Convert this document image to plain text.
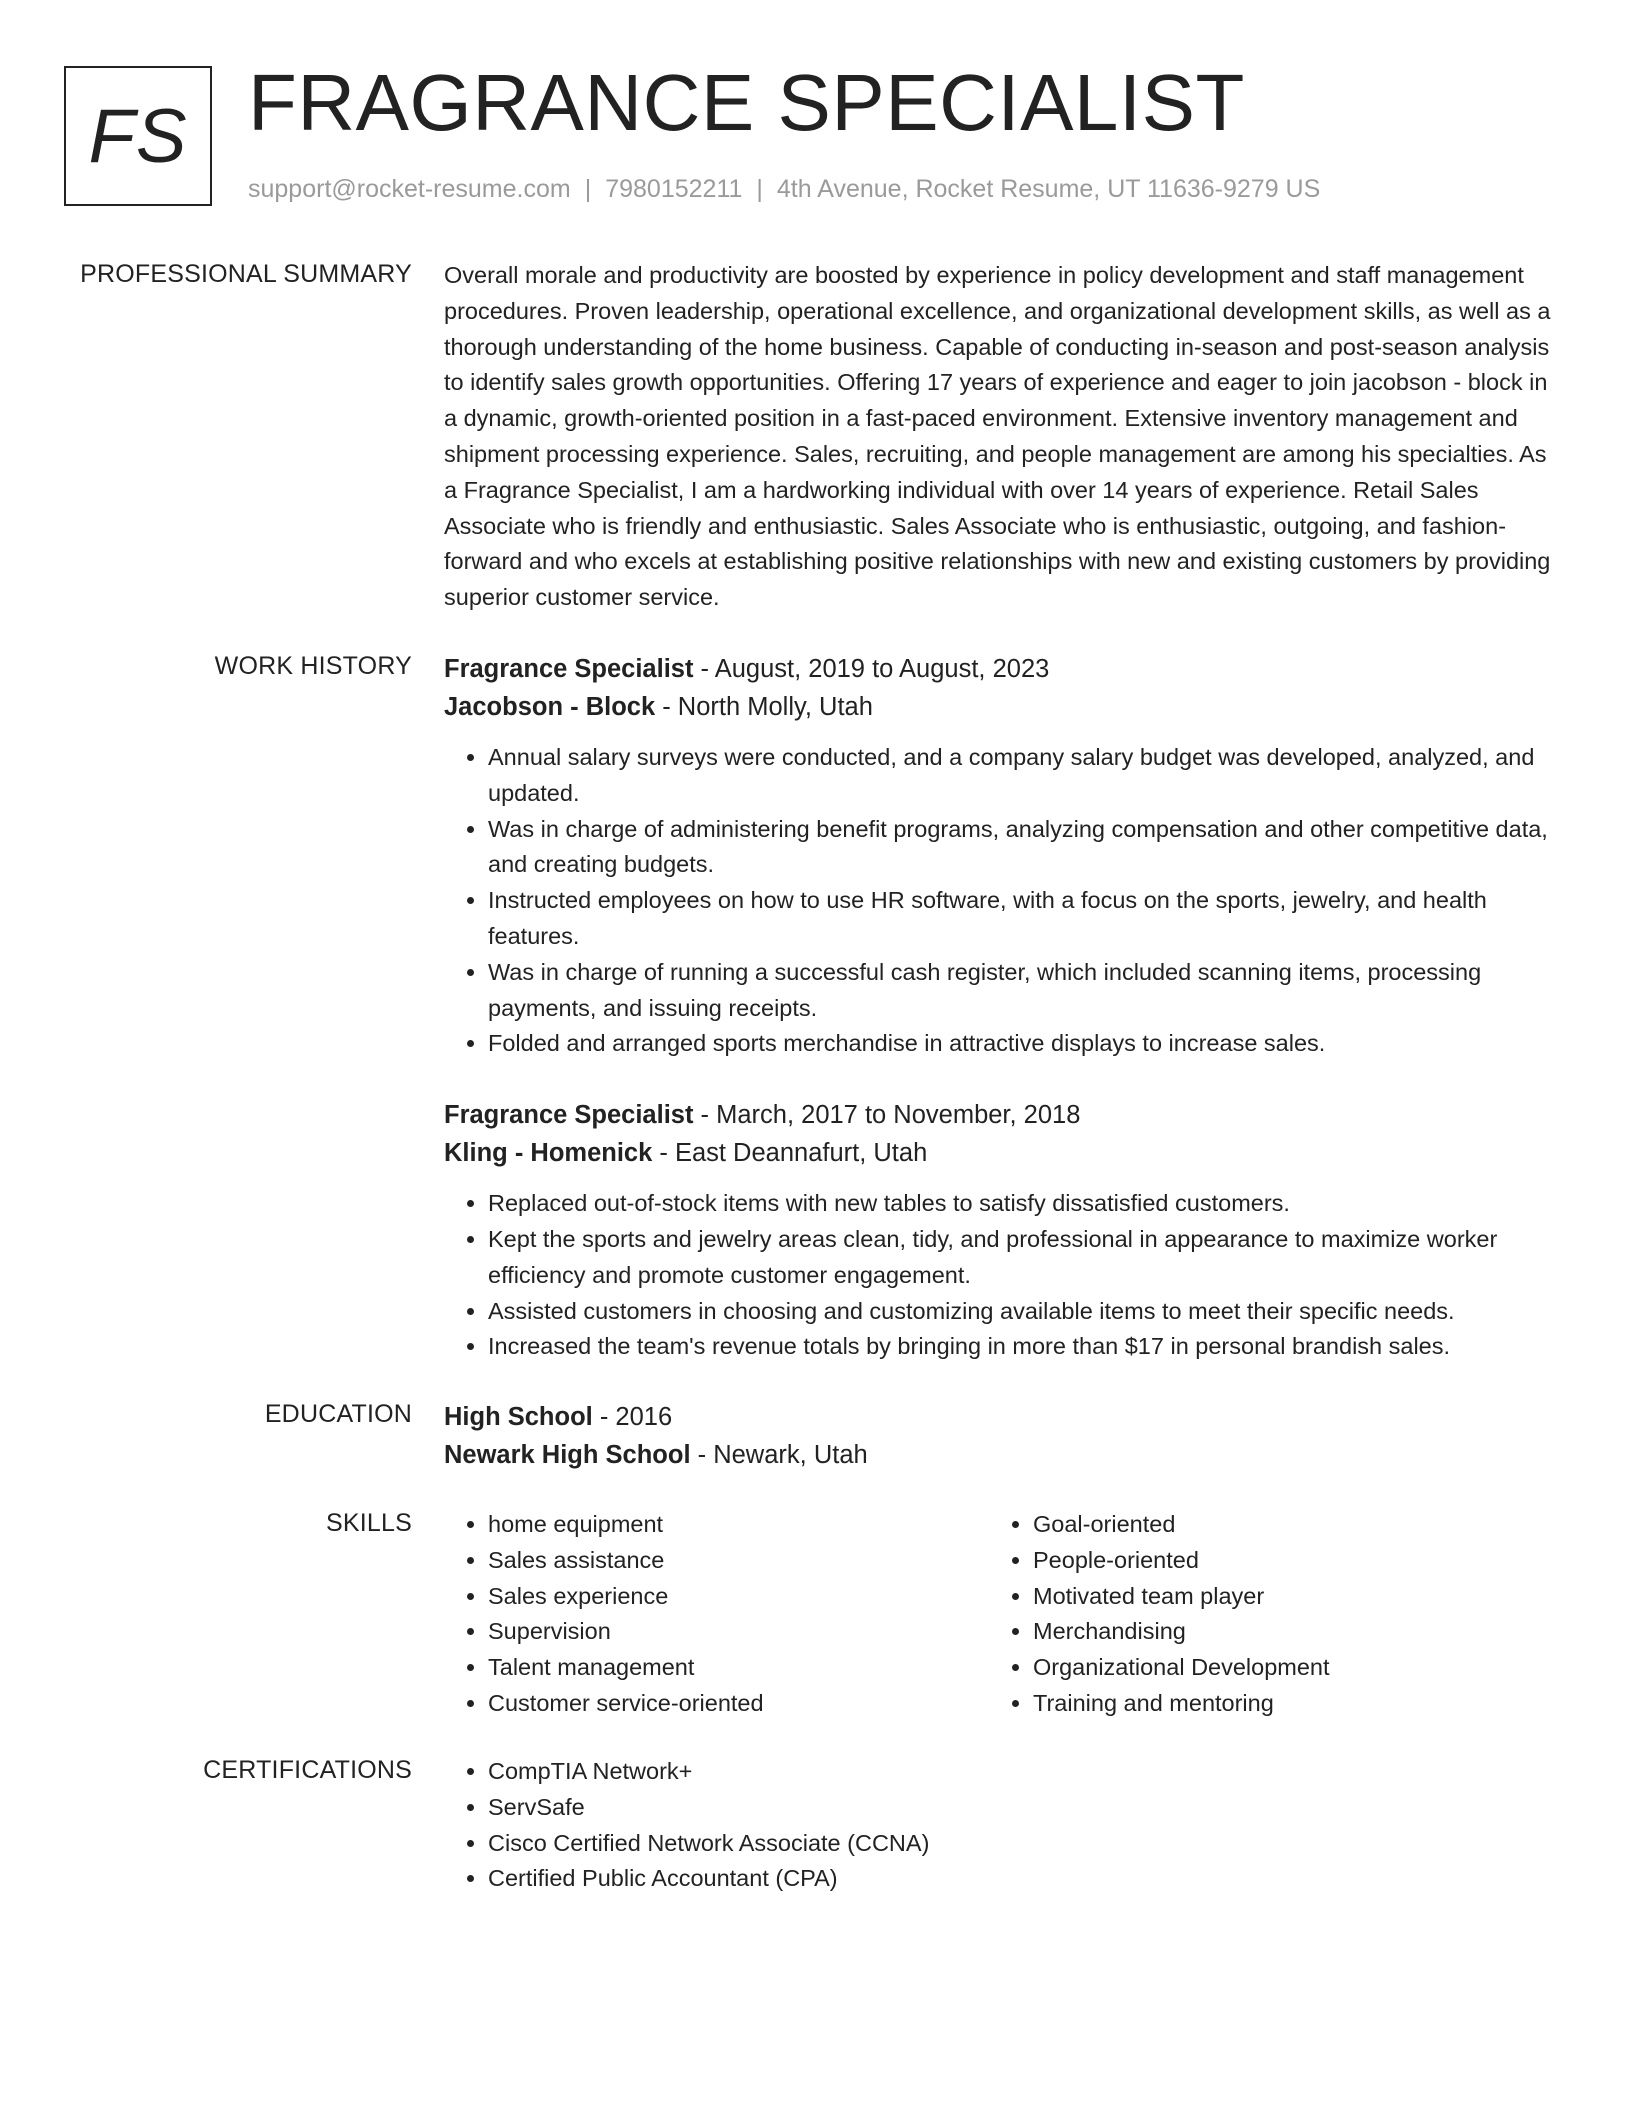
FS FRAGRANCE SPECIALIST
support@rocket-resume.com | 7980152211 | 4th Avenue, Rocket Resume, UT 11636-9279 US
PROFESSIONAL SUMMARY Overall morale and productivity are boosted by experience in policy development and staff management procedures. Proven leadership, operational excellence, and organizational development skills, as well as a thorough understanding of the home business. Capable of conducting in-season and post-season analysis to identify sales growth opportunities. Offering 17 years of experience and eager to join jacobson - block in a dynamic, growth-oriented position in a fast-paced environment. Extensive inventory management and shipment processing experience. Sales, recruiting, and people management are among his specialties. As a Fragrance Specialist, I am a hardworking individual with over 14 years of experience. Retail Sales Associate who is friendly and enthusiastic. Sales Associate who is enthusiastic, outgoing, and fashion-forward and who excels at establishing positive relationships with new and existing customers by providing superior customer service.

WORK HISTORY Fragrance Specialist - August, 2019 to August, 2023
Jacobson - Block - North Molly, Utah
• Annual salary surveys were conducted, and a company salary budget was developed, analyzed, and updated.
• Was in charge of administering benefit programs, analyzing compensation and other competitive data, and creating budgets.
• Instructed employees on how to use HR software, with a focus on the sports, jewelry, and health features.
• Was in charge of running a successful cash register, which included scanning items, processing payments, and issuing receipts.
• Folded and arranged sports merchandise in attractive displays to increase sales.
Fragrance Specialist - March, 2017 to November, 2018
Kling - Homenick - East Deannafurt, Utah
• Replaced out-of-stock items with new tables to satisfy dissatisfied customers.
• Kept the sports and jewelry areas clean, tidy, and professional in appearance to maximize worker efficiency and promote customer engagement.
• Assisted customers in choosing and customizing available items to meet their specific needs.
• Increased the team's revenue totals by bringing in more than $17 in personal brandish sales.
EDUCATION High School - 2016
Newark High School - Newark, Utah
SKILLS	• home equipment
• Sales assistance
• Sales experience
• Supervision
• Talent management
• Customer service-oriented
• Goal-oriented
• People-oriented
• Motivated team player
• Merchandising
• Organizational Development
• Training and mentoring
CERTIFICATIONS	• CompTIA Network+
• ServSafe
• Cisco Certified Network Associate (CCNA)
• Certified Public Accountant (CPA)
